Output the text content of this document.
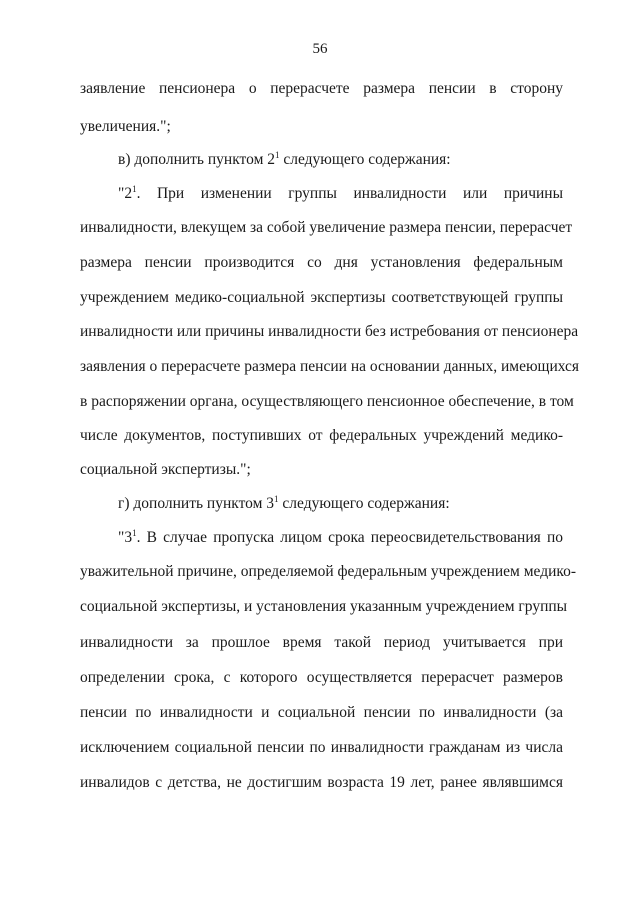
56
заявление пенсионера о перерасчете размера пенсии в сторону
увеличения.";
в) дополнить пунктом $2^1$ следующего содержания:
"$2^1$. При изменении группы инвалидности или причины
инвалидности, влекущем за собой увеличение размера пенсии, перерасчет
размера пенсии производится со дня установления федеральным
учреждением медико-социальной экспертизы соответствующей группы
инвалидности или причины инвалидности без истребования от пенсионера
заявления о перерасчете размера пенсии на основании данных, имеющихся
в распоряжении органа, осуществляющего пенсионное обеспечение, в том
числе документов, поступивших от федеральных учреждений медико-
социальной экспертизы.";
г) дополнить пунктом $3^1$ следующего содержания:
"$3^1$. В случае пропуска лицом срока переосвидетельствования по
уважительной причине, определяемой федеральным учреждением медико-
социальной экспертизы, и установления указанным учреждением группы
инвалидности за прошлое время такой период учитывается при
определении срока, с которого осуществляется перерасчет размеров
пенсии по инвалидности и социальной пенсии по инвалидности (за
исключением социальной пенсии по инвалидности гражданам из числа
инвалидов с детства, не достигшим возраста 19 лет, ранее являвшимся
